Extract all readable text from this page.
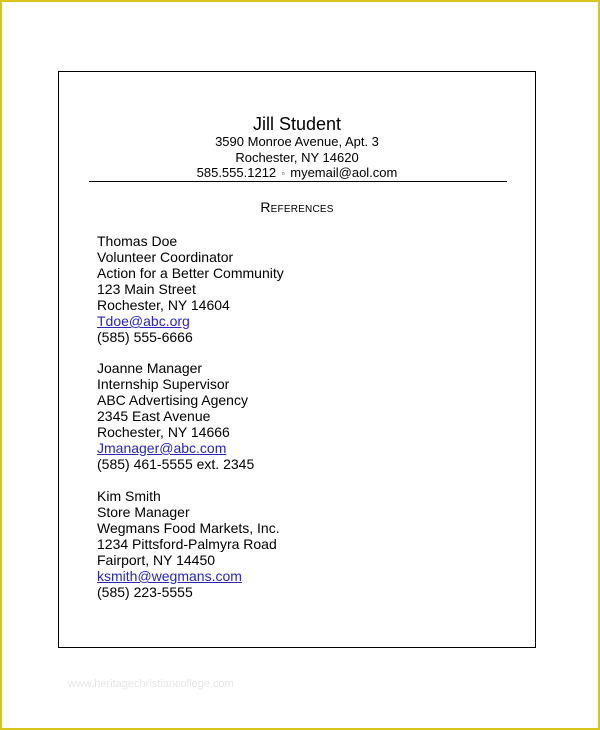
Jill Student
3590 Monroe Avenue, Apt. 3
Rochester, NY 14620
585.555.1212 ▫ myemail@aol.com
References
Thomas Doe
Volunteer Coordinator
Action for a Better Community
123 Main Street
Rochester, NY 14604
Tdoe@abc.org
(585) 555-6666
Joanne Manager
Internship Supervisor
ABC Advertising Agency
2345 East Avenue
Rochester, NY 14666
Jmanager@abc.com
(585) 461-5555 ext. 2345
Kim Smith
Store Manager
Wegmans Food Markets, Inc.
1234 Pittsford-Palmyra Road
Fairport, NY 14450
ksmith@wegmans.com
(585) 223-5555
www.heritagechristiancollege.com
